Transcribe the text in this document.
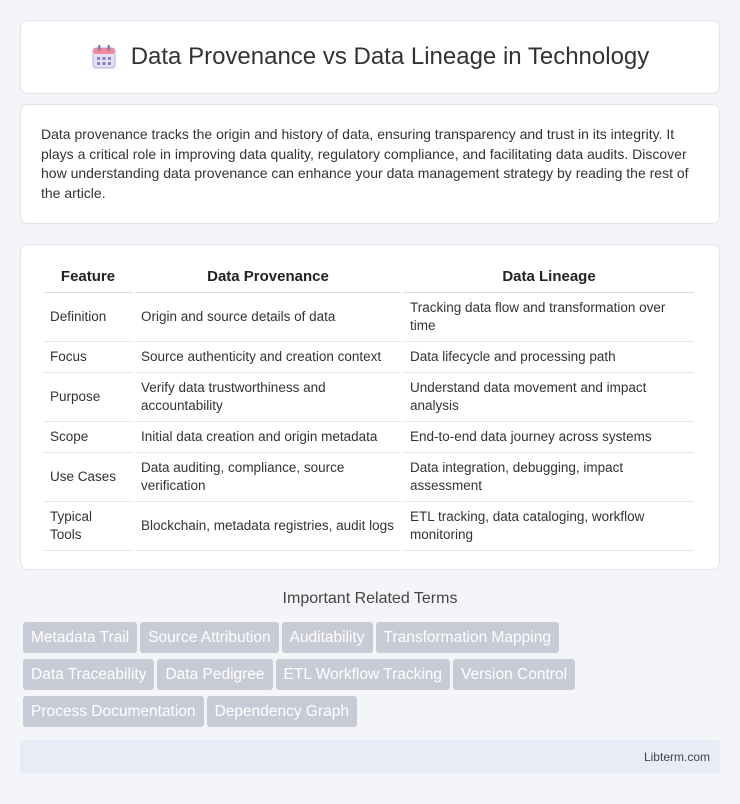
Data Provenance vs Data Lineage in Technology

Data provenance tracks the origin and history of data, ensuring transparency and trust in its integrity. It plays a critical role in improving data quality, regulatory compliance, and facilitating data audits. Discover how understanding data provenance can enhance your data management strategy by reading the rest of the article.

Feature	Data Provenance	Data Lineage
Definition	Origin and source details of data	Tracking data flow and transformation over time
Focus	Source authenticity and creation context	Data lifecycle and processing path
Purpose	Verify data trustworthiness and accountability	Understand data movement and impact analysis
Scope	Initial data creation and origin metadata	End-to-end data journey across systems
Use Cases	Data auditing, compliance, source verification	Data integration, debugging, impact assessment
Typical Tools	Blockchain, metadata registries, audit logs	ETL tracking, data cataloging, workflow monitoring
Important Related Terms
Metadata Trail Source Attribution Auditability Transformation Mapping
Data Traceability Data Pedigree ETL Workflow Tracking Version Control
Process Documentation Dependency Graph
Libterm.com
